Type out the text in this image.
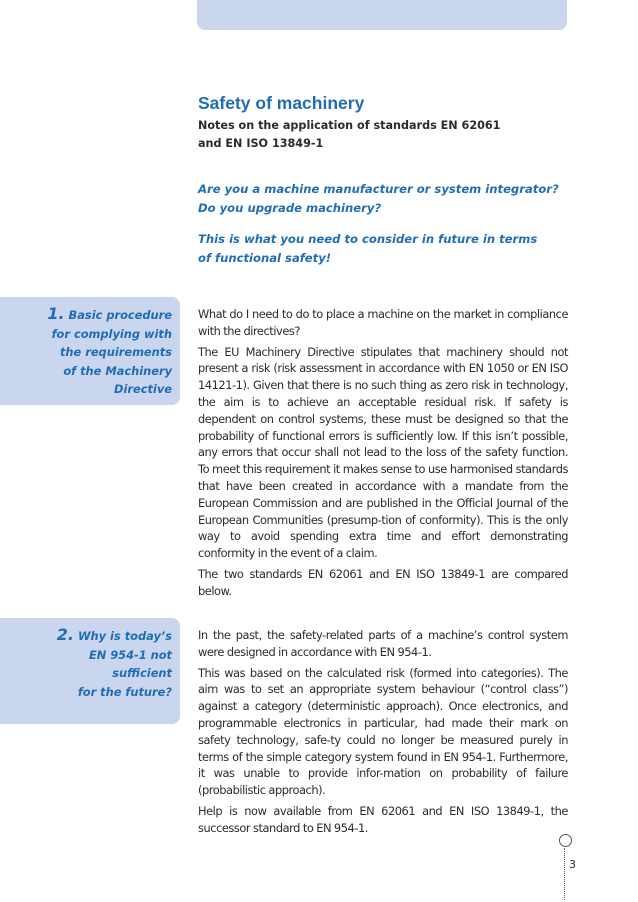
Safety of machinery
Notes on the application of standards EN 62061
and EN ISO 13849-1
Are you a machine manufacturer or system integrator?
Do you upgrade machinery?
This is what you need to consider in future in terms
of functional safety!
1. Basic procedure
for complying with
the requirements
of the Machinery
Directive

What do I need to do to place a machine on the market in compliance with the directives?

The EU Machinery Directive stipulates that machinery should not present a risk (risk assessment in accordance with EN 1050 or EN ISO 14121-1). Given that there is no such thing as zero risk in technology, the aim is to achieve an acceptable residual risk. If safety is dependent on control systems, these must be designed so that the probability of functional errors is sufficiently low. If this isn’t possible, any errors that occur shall not lead to the loss of the safety function. To meet this requirement it makes sense to use harmonised standards that have been created in accordance with a mandate from the European Commission and are published in the Official Journal of the European Communities (presump-tion of conformity). This is the only way to avoid spending extra time and effort demonstrating conformity in the event of a claim.

The two standards EN 62061 and EN ISO 13849-1 are compared below.

2. Why is today’s
EN 954-1 not
sufficient
for the future?

In the past, the safety-related parts of a machine’s control system were designed in accordance with EN 954-1.

This was based on the calculated risk (formed into categories). The aim was to set an appropriate system behaviour (“control class”) against a category (deterministic approach). Once electronics, and programmable electronics in particular, had made their mark on safety technology, safe-ty could no longer be measured purely in terms of the simple category system found in EN 954-1. Furthermore, it was unable to provide infor-mation on probability of failure (probabilistic approach).

Help is now available from EN 62061 and EN ISO 13849-1, the successor standard to EN 954-1.

3
